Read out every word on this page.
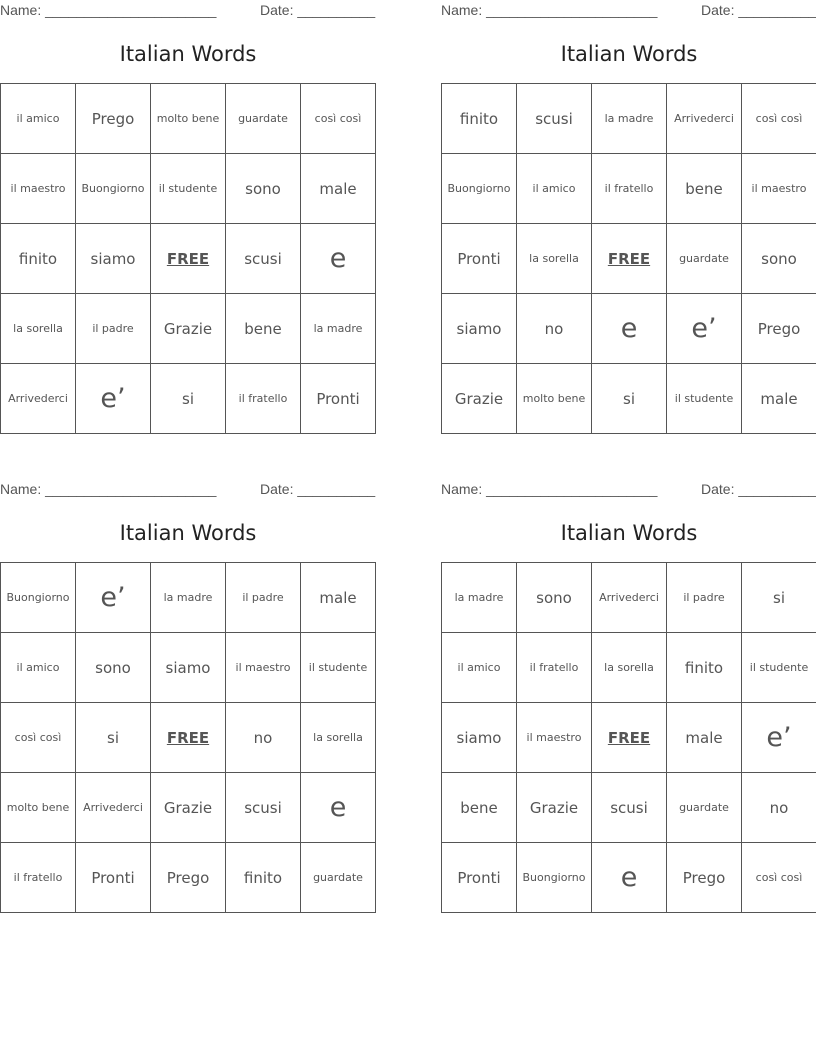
Name: ______________________	Date: __________
Italian Words
il amico	Prego	molto bene	guardate	così così
il maestro	Buongiorno	il studente	sono	male
finito	siamo	FREE	scusi	e
la sorella	il padre	Grazie	bene	la madre
Arrivederci	e’	si	il fratello	Pronti
Name: ______________________	Date: __________
Italian Words
finito	scusi	la madre	Arrivederci	così così
Buongiorno	il amico	il fratello	bene	il maestro
Pronti	la sorella	FREE	guardate	sono
siamo	no	e	e’	Prego
Grazie	molto bene	si	il studente	male
Name: ______________________	Date: __________
Italian Words
Buongiorno	e’	la madre	il padre	male
il amico	sono	siamo	il maestro	il studente
così così	si	FREE	no	la sorella
molto bene	Arrivederci	Grazie	scusi	e
il fratello	Pronti	Prego	finito	guardate
Name: ______________________	Date: __________
Italian Words
la madre	sono	Arrivederci	il padre	si
il amico	il fratello	la sorella	finito	il studente
siamo	il maestro	FREE	male	e’
bene	Grazie	scusi	guardate	no
Pronti	Buongiorno	e	Prego	così così
